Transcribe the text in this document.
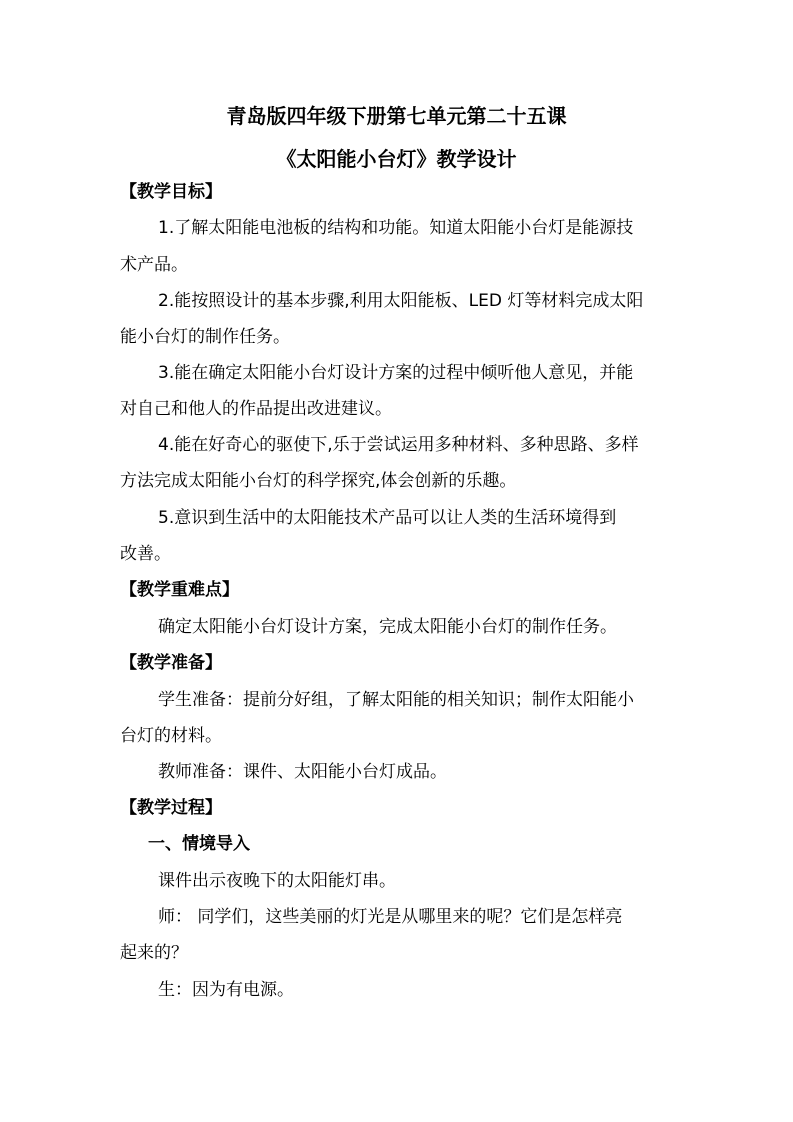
青岛版四年级下册第七单元第二十五课
《太阳能小台灯》教学设计
【教学目标】
1.了解太阳能电池板的结构和功能。知道太阳能小台灯是能源技
术产品。
2.能按照设计的基本步骤,利用太阳能板、LED 灯等材料完成太阳
能小台灯的制作任务。
3.能在确定太阳能小台灯设计方案的过程中倾听他人意见，并能
对自己和他人的作品提出改进建议。
4.能在好奇心的驱使下,乐于尝试运用多种材料、多种思路、多样
方法完成太阳能小台灯的科学探究,体会创新的乐趣。
5.意识到生活中的太阳能技术产品可以让人类的生活环境得到
改善。
【教学重难点】
确定太阳能小台灯设计方案，完成太阳能小台灯的制作任务。
【教学准备】
学生准备：提前分好组，了解太阳能的相关知识；制作太阳能小
台灯的材料。
教师准备：课件、太阳能小台灯成品。
【教学过程】
一、情境导入
课件出示夜晚下的太阳能灯串。
师： 同学们，这些美丽的灯光是从哪里来的呢？它们是怎样亮
起来的？
生：因为有电源。
